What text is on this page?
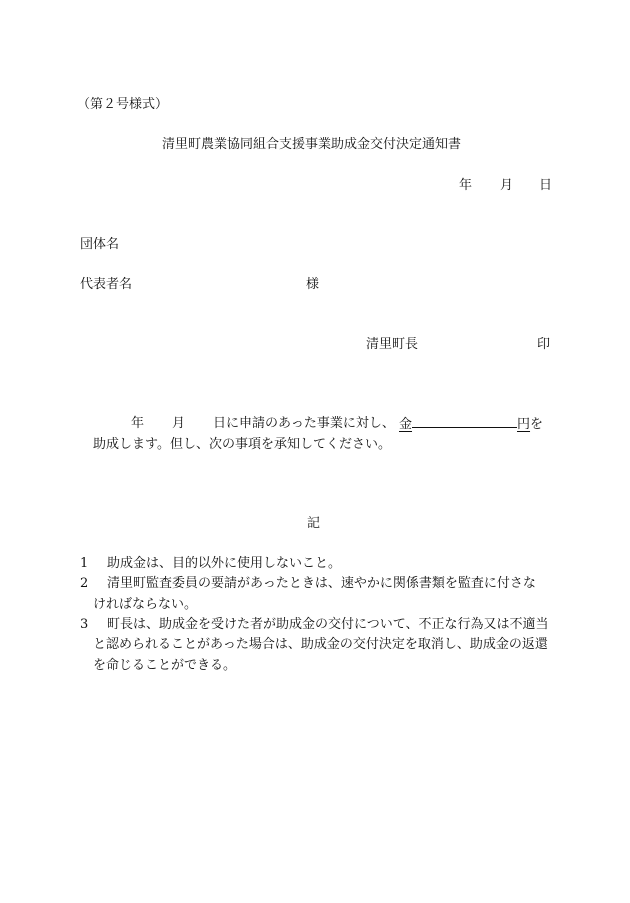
（第２号様式）
清里町農業協同組合支援事業助成金交付決定通知書
年 月 日
団体名
代表者名	様
清里町長	印
年 月 日に申請のあった事業に対し、 金	円を
助成します。但し、次の事項を承知してください。
記
1 助成金は、目的以外に使用しないこと。
2 清里町監査委員の要請があったときは、速やかに関係書類を監査に付さな
ければならない。
3 町長は、助成金を受けた者が助成金の交付について、不正な行為又は不適当
と認められることがあった場合は、助成金の交付決定を取消し、助成金の返還
を命じることができる。
